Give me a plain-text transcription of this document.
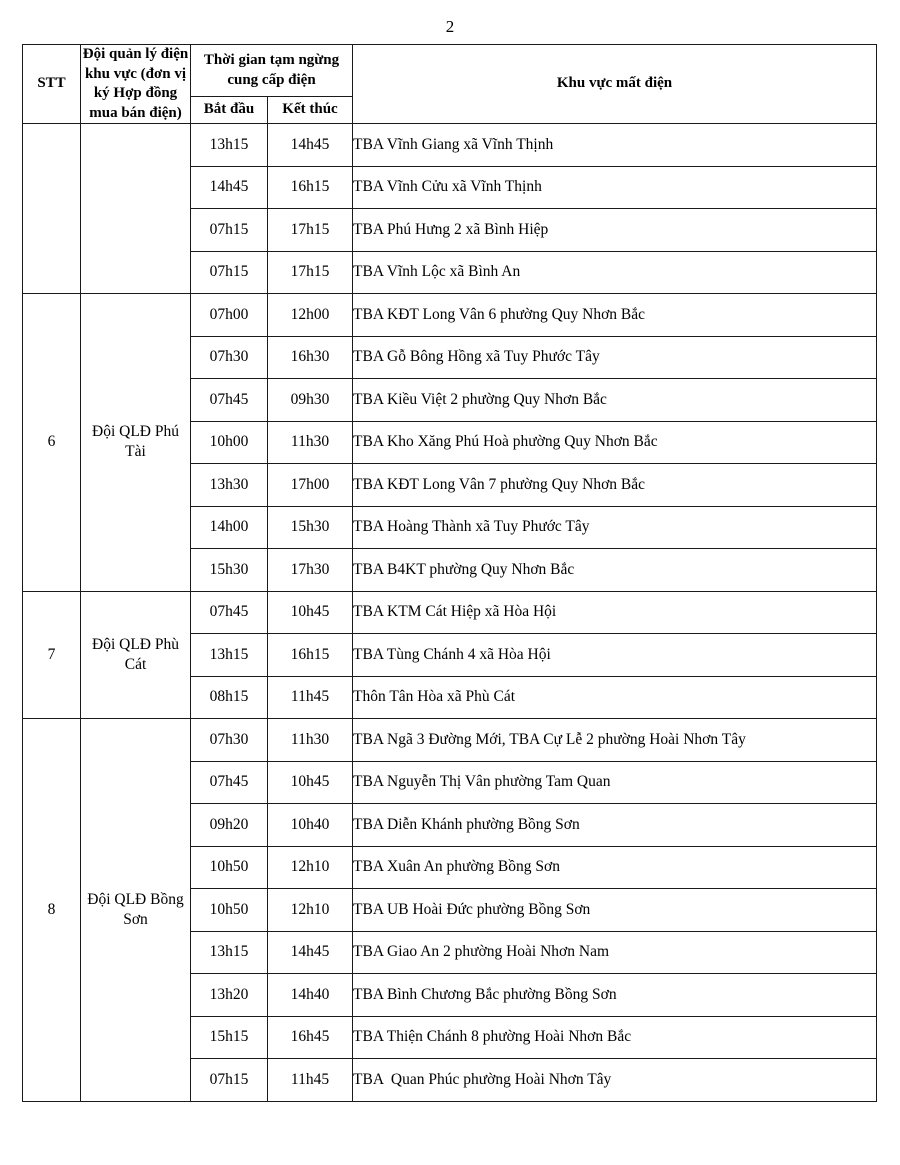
2
STT	Đội quản lý điện khu vực (đơn vị ký Hợp đồng mua bán điện)	Thời gian tạm ngừng cung cấp điện		Khu vực mất điện
		Bắt đầu	Kết thúc	
		13h15	14h45	TBA Vĩnh Giang xã Vĩnh Thịnh
		14h45	16h15	TBA Vĩnh Cửu xã Vĩnh Thịnh
		07h15	17h15	TBA Phú Hưng 2 xã Bình Hiệp
		07h15	17h15	TBA Vĩnh Lộc xã Bình An
6	Đội QLĐ Phú Tài	07h00	12h00	TBA KĐT Long Vân 6 phường Quy Nhơn Bắc
		07h30	16h30	TBA Gỗ Bông Hồng xã Tuy Phước Tây
		07h45	09h30	TBA Kiều Việt 2 phường Quy Nhơn Bắc
		10h00	11h30	TBA Kho Xăng Phú Hoà phường Quy Nhơn Bắc
		13h30	17h00	TBA KĐT Long Vân 7 phường Quy Nhơn Bắc
		14h00	15h30	TBA Hoàng Thành xã Tuy Phước Tây
		15h30	17h30	TBA B4KT phường Quy Nhơn Bắc
7	Đội QLĐ Phù Cát	07h45	10h45	TBA KTM Cát Hiệp xã Hòa Hội
		13h15	16h15	TBA Tùng Chánh 4 xã Hòa Hội
		08h15	11h45	Thôn Tân Hòa xã Phù Cát
8	Đội QLĐ Bồng Sơn	07h30	11h30	TBA Ngã 3 Đường Mới, TBA Cự Lễ 2 phường Hoài Nhơn Tây
		07h45	10h45	TBA Nguyễn Thị Vân phường Tam Quan
		09h20	10h40	TBA Diễn Khánh phường Bồng Sơn
		10h50	12h10	TBA Xuân An phường Bồng Sơn
		10h50	12h10	TBA UB Hoài Đức phường Bồng Sơn
		13h15	14h45	TBA Giao An 2 phường Hoài Nhơn Nam
		13h20	14h40	TBA Bình Chương Bắc phường Bồng Sơn
		15h15	16h45	TBA Thiện Chánh 8 phường Hoài Nhơn Bắc
		07h15	11h45	TBA  Quan Phúc phường Hoài Nhơn Tây
